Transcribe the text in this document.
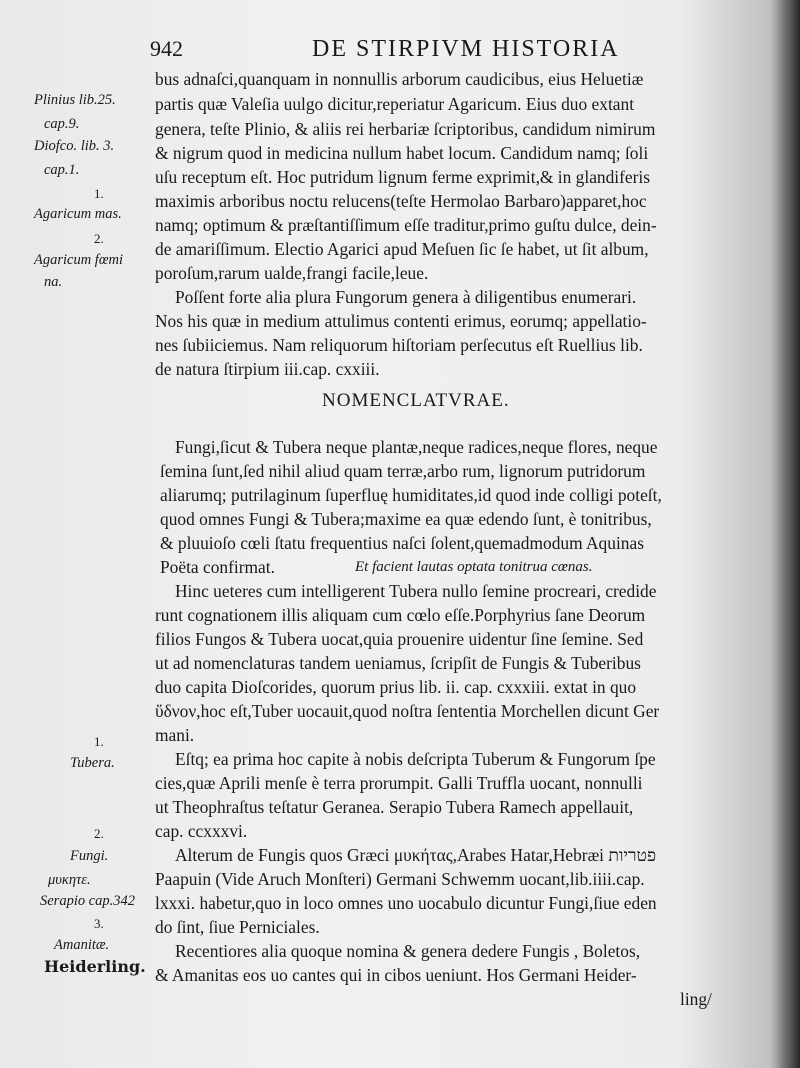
942	DE STIRPIVM HISTORIA
Plinius lib.25.
cap.9.
Diofco. lib. 3.
cap.1.
1.
Agaricum mas.
2.
Agaricum fœmi
na.
1.
Tubera.
2.
Fungi.
μυκητε.
Serapio cap.342
3.
Amanitæ.
Heiderling.
bus adnaſci,quanquam in nonnullis arborum caudicibus, eius Heluetiæ
partis quæ Valeſia uulgo dicitur,reperiatur Agaricum. Eius duo extant
genera, teſte Plinio, & aliis rei herbariæ ſcriptoribus, candidum nimirum
& nigrum quod in medicina nullum habet locum. Candidum namq; ſoli
uſu receptum eſt. Hoc putridum lignum ferme exprimit,& in glandiferis
maximis arboribus noctu relucens(teſte Hermolao Barbaro)apparet,hoc
namq; optimum & præſtantiſſimum eſſe traditur,primo guſtu dulce, dein-
de amariſſimum. Electio Agarici apud Meſuen ſic ſe habet, ut ſit album,
poroſum,rarum ualde,frangi facile,leue.
Poſſent forte alia plura Fungorum genera à diligentibus enumerari.
Nos his quæ in medium attulimus contenti erimus, eorumq; appellatio-
nes ſubiiciemus. Nam reliquorum hiſtoriam perſecutus eſt Ruellius lib.
de natura ſtirpium iii.cap. cxxiii.
NOMENCLATVRAE.
Fungi,ſicut & Tubera neque plantæ,neque radices,neque flores, neque
ſemina ſunt,ſed nihil aliud quam terræ,arbo rum, lignorum putridorum
aliarumq; putrilaginum ſuperfluę humiditates,id quod inde colligi poteſt,
quod omnes Fungi & Tubera;maxime ea quæ edendo ſunt, è tonitribus,
& pluuioſo cœli ſtatu frequentius naſci ſolent,quemadmodum Aquinas
Poëta confirmat.	Et facient lautas optata tonitrua cœnas.
Hinc ueteres cum intelligerent Tubera nullo ſemine procreari, credide
runt cognationem illis aliquam cum cœlo eſſe.Porphyrius ſane Deorum
filios Fungos & Tubera uocat,quia prouenire uidentur ſine ſemine. Sed
ut ad nomenclaturas tandem ueniamus, ſcripſit de Fungis & Tuberibus
duo capita Dioſcorides, quorum prius lib. ii. cap. cxxxiii. extat in quo
ὕδνον,hoc eſt,Tuber uocauit,quod noſtra ſententia Morchellen dicunt Ger
mani.
Eſtq; ea prima hoc capite à nobis deſcripta Tuberum & Fungorum ſpe
cies,quæ Aprili menſe è terra prorumpit. Galli Truffla uocant, nonnulli
ut Theophraſtus teſtatur Geranea. Serapio Tubera Ramech appellauit,
cap. ccxxxvi.
Alterum de Fungis quos Græci μυκήτας,Arabes Hatar,Hebræi פטריות
Paapuin (Vide Aruch Monſteri) Germani Schwemm uocant,lib.iiii.cap.
lxxxi. habetur,quo in loco omnes uno uocabulo dicuntur Fungi,ſiue eden
do ſint, ſiue Perniciales.
Recentiores alia quoque nomina & genera dedere Fungis , Boletos,
& Amanitas eos uo cantes qui in cibos ueniunt. Hos Germani Heider-
ling/
